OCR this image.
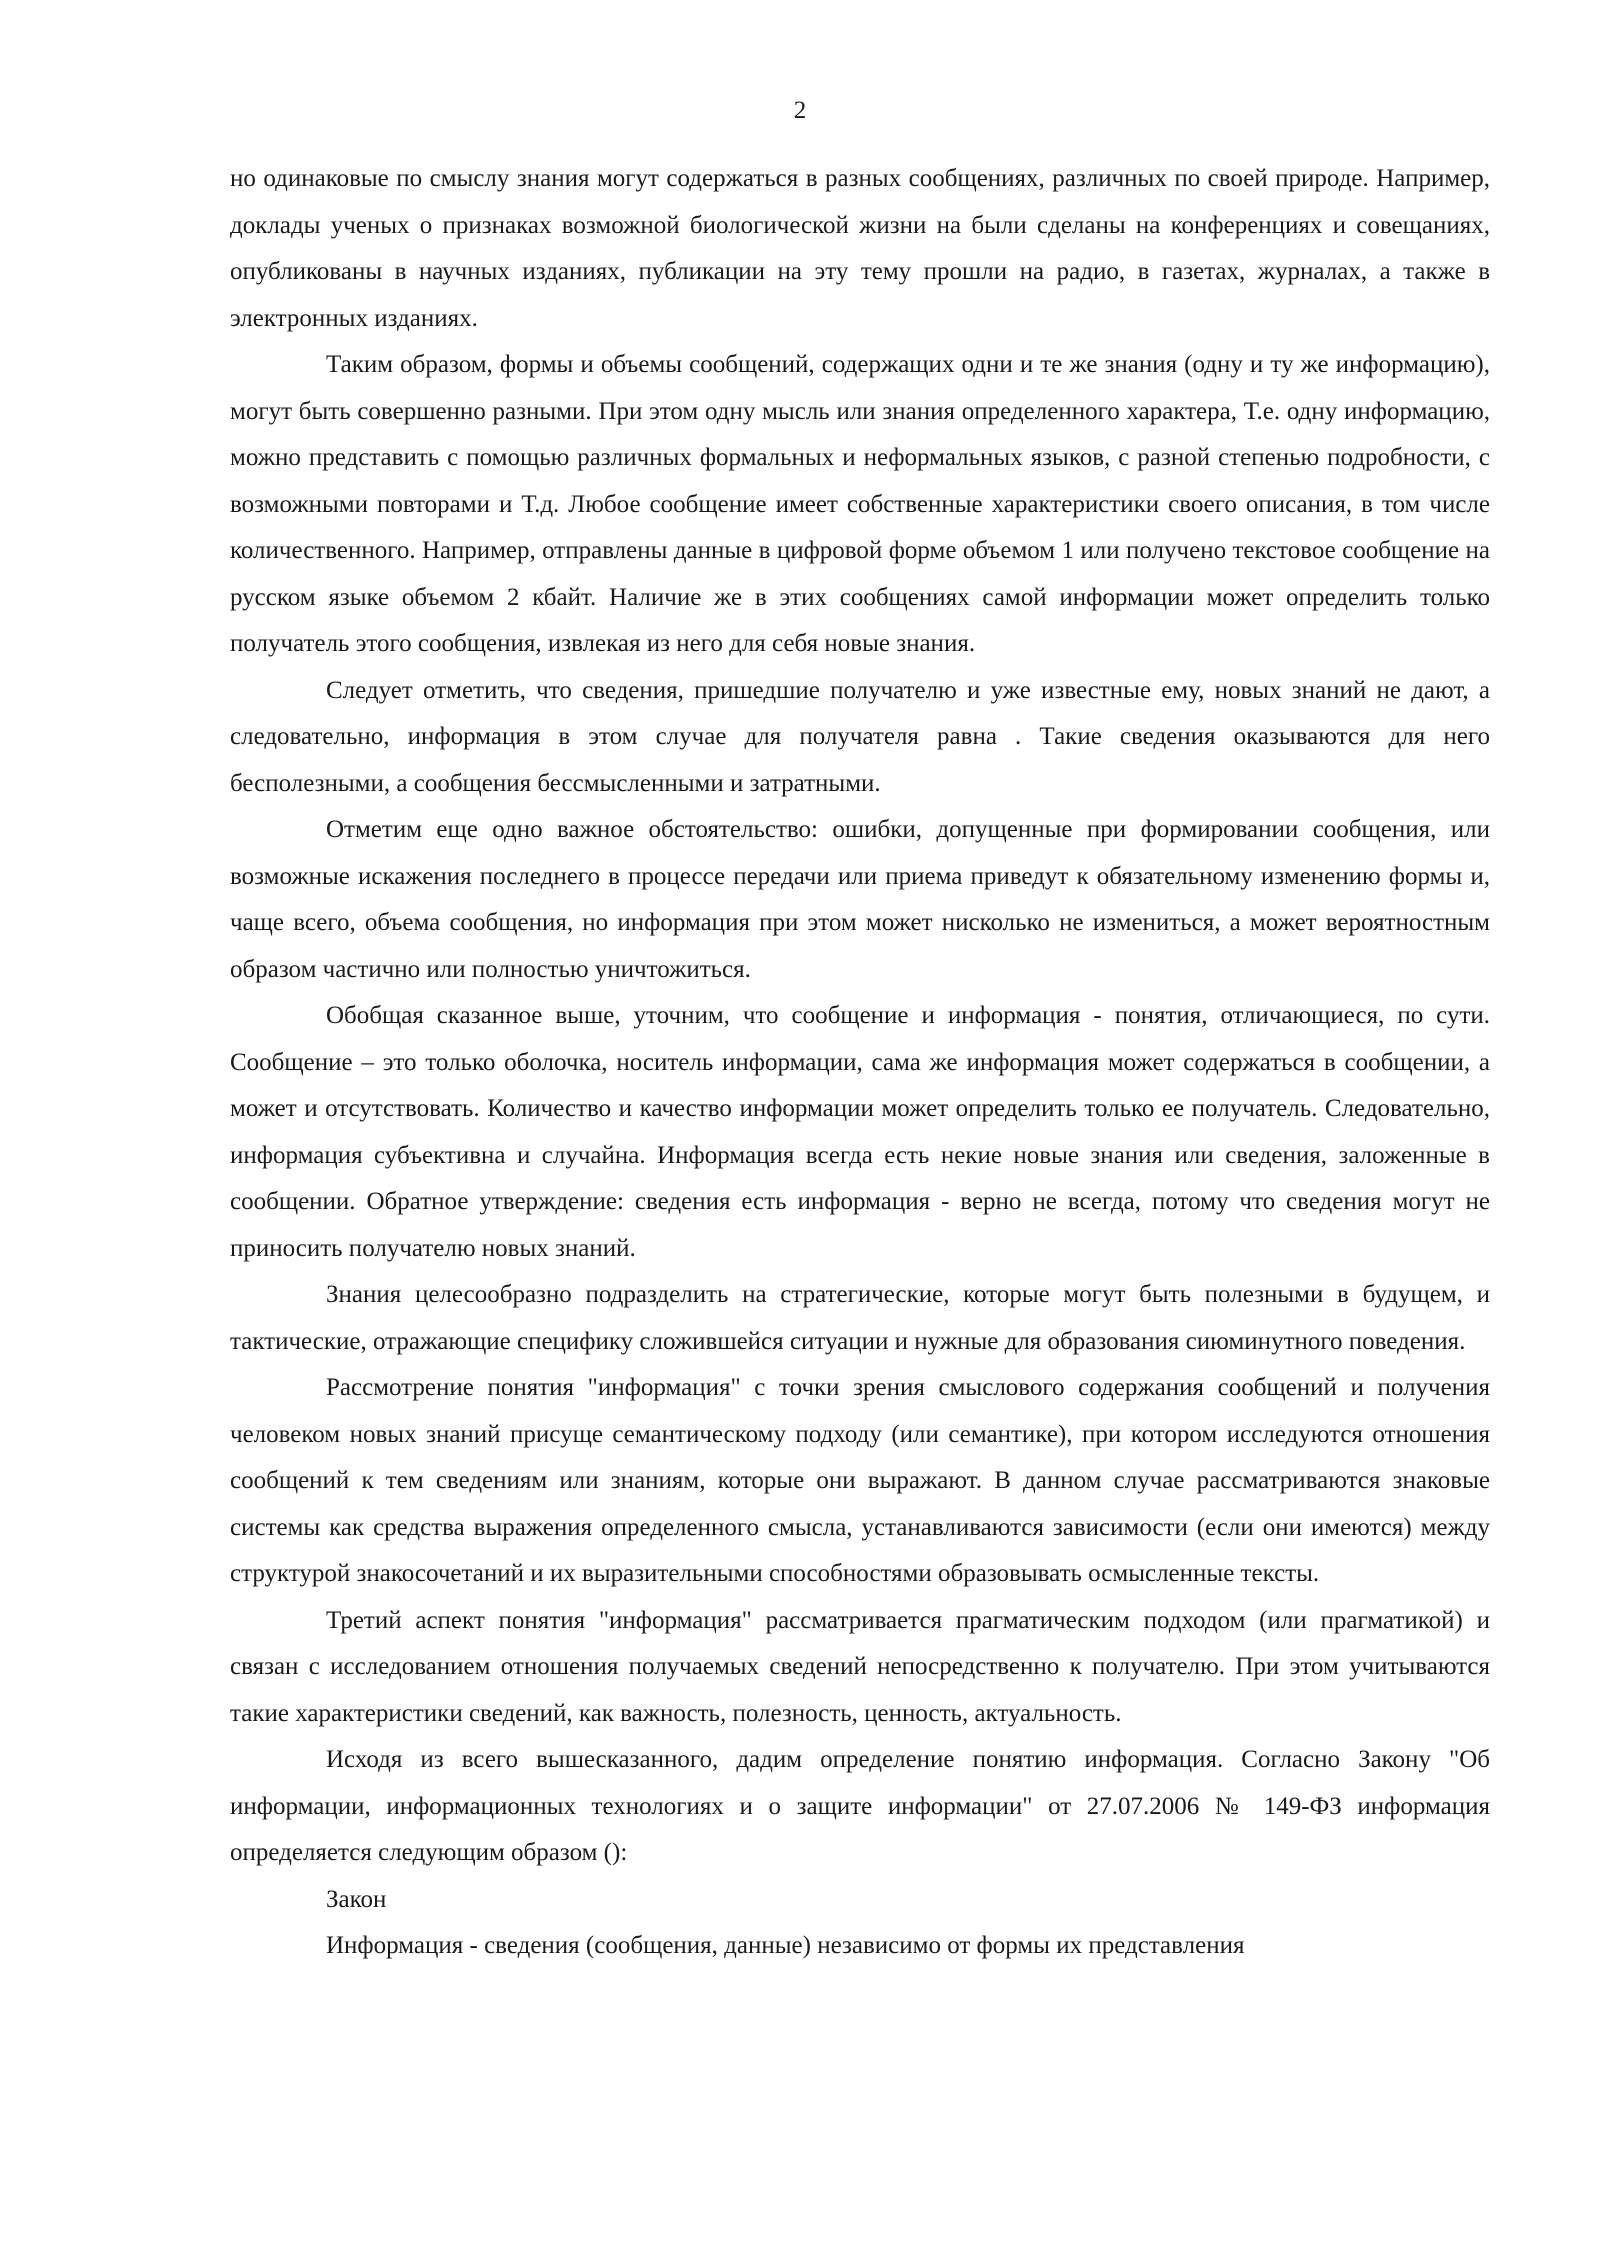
2

но одинаковые по смыслу знания могут содержаться в разных сообщениях, различных по своей природе. Например, доклады ученых о признаках возможной биологической жизни на были сделаны на конференциях и совещаниях, опубликованы в научных изданиях, публикации на эту тему прошли на радио, в газетах, журналах, а также в электронных изданиях.

Таким образом, формы и объемы сообщений, содержащих одни и те же знания (одну и ту же информацию), могут быть совершенно разными. При этом одну мысль или знания определенного характера, Т.е. одну информацию, можно представить с помощью различных формальных и неформальных языков, с разной степенью подробности, с возможными повторами и Т.д. Любое сообщение имеет собственные характеристики своего описания, в том числе количественного. Например, отправлены данные в цифровой форме объемом 1 или получено текстовое сообщение на русском языке объемом 2 кбайт. Наличие же в этих сообщениях самой информации может определить только получатель этого сообщения, извлекая из него для себя новые знания.

Следует отметить, что сведения, пришедшие получателю и уже известные ему, новых знаний не дают, а следовательно, информация в этом случае для получателя равна . Такие сведения оказываются для него бесполезными, а сообщения бессмысленными и затратными.

Отметим еще одно важное обстоятельство: ошибки, допущенные при формировании сообщения, или возможные искажения последнего в процессе передачи или приема приведут к обязательному изменению формы и, чаще всего, объема сообщения, но информация при этом может нисколько не измениться, а может вероятностным образом частично или полностью уничтожиться.

Обобщая сказанное выше, уточним, что сообщение и информация - понятия, отличающиеся, по сути. Сообщение – это только оболочка, носитель информации, сама же информация может содержаться в сообщении, а может и отсутствовать. Количество и качество информации может определить только ее получатель. Следовательно, информация субъективна и случайна. Информация всегда есть некие новые знания или сведения, заложенные в сообщении. Обратное утверждение: сведения есть информация - верно не всегда, потому что сведения могут не приносить получателю новых знаний.

Знания целесообразно подразделить на стратегические, которые могут быть полезными в будущем, и тактические, отражающие специфику сложившейся ситуации и нужные для образования сиюминутного поведения.

Рассмотрение понятия "информация" с точки зрения смыслового содержания сообщений и получения человеком новых знаний присуще семантическому подходу (или семантике), при котором исследуются отношения сообщений к тем сведениям или знаниям, которые они выражают. В данном случае рассматриваются знаковые системы как средства выражения определенного смысла, устанавливаются зависимости (если они имеются) между структурой знакосочетаний и их выразительными способностями образовывать осмысленные тексты.

Третий аспект понятия "информация" рассматривается прагматическим подходом (или прагматикой) и связан с исследованием отношения получаемых сведений непосредственно к получателю. При этом учитываются такие характеристики сведений, как важность, полезность, ценность, актуальность.

Исходя из всего вышесказанного, дадим определение понятию информация. Согласно Закону "Об информации, информационных технологиях и о защите информации" от 27.07.2006 № 149-ФЗ информация определяется следующим образом ():

Закон

Информация - сведения (сообщения, данные) независимо от формы их представления
